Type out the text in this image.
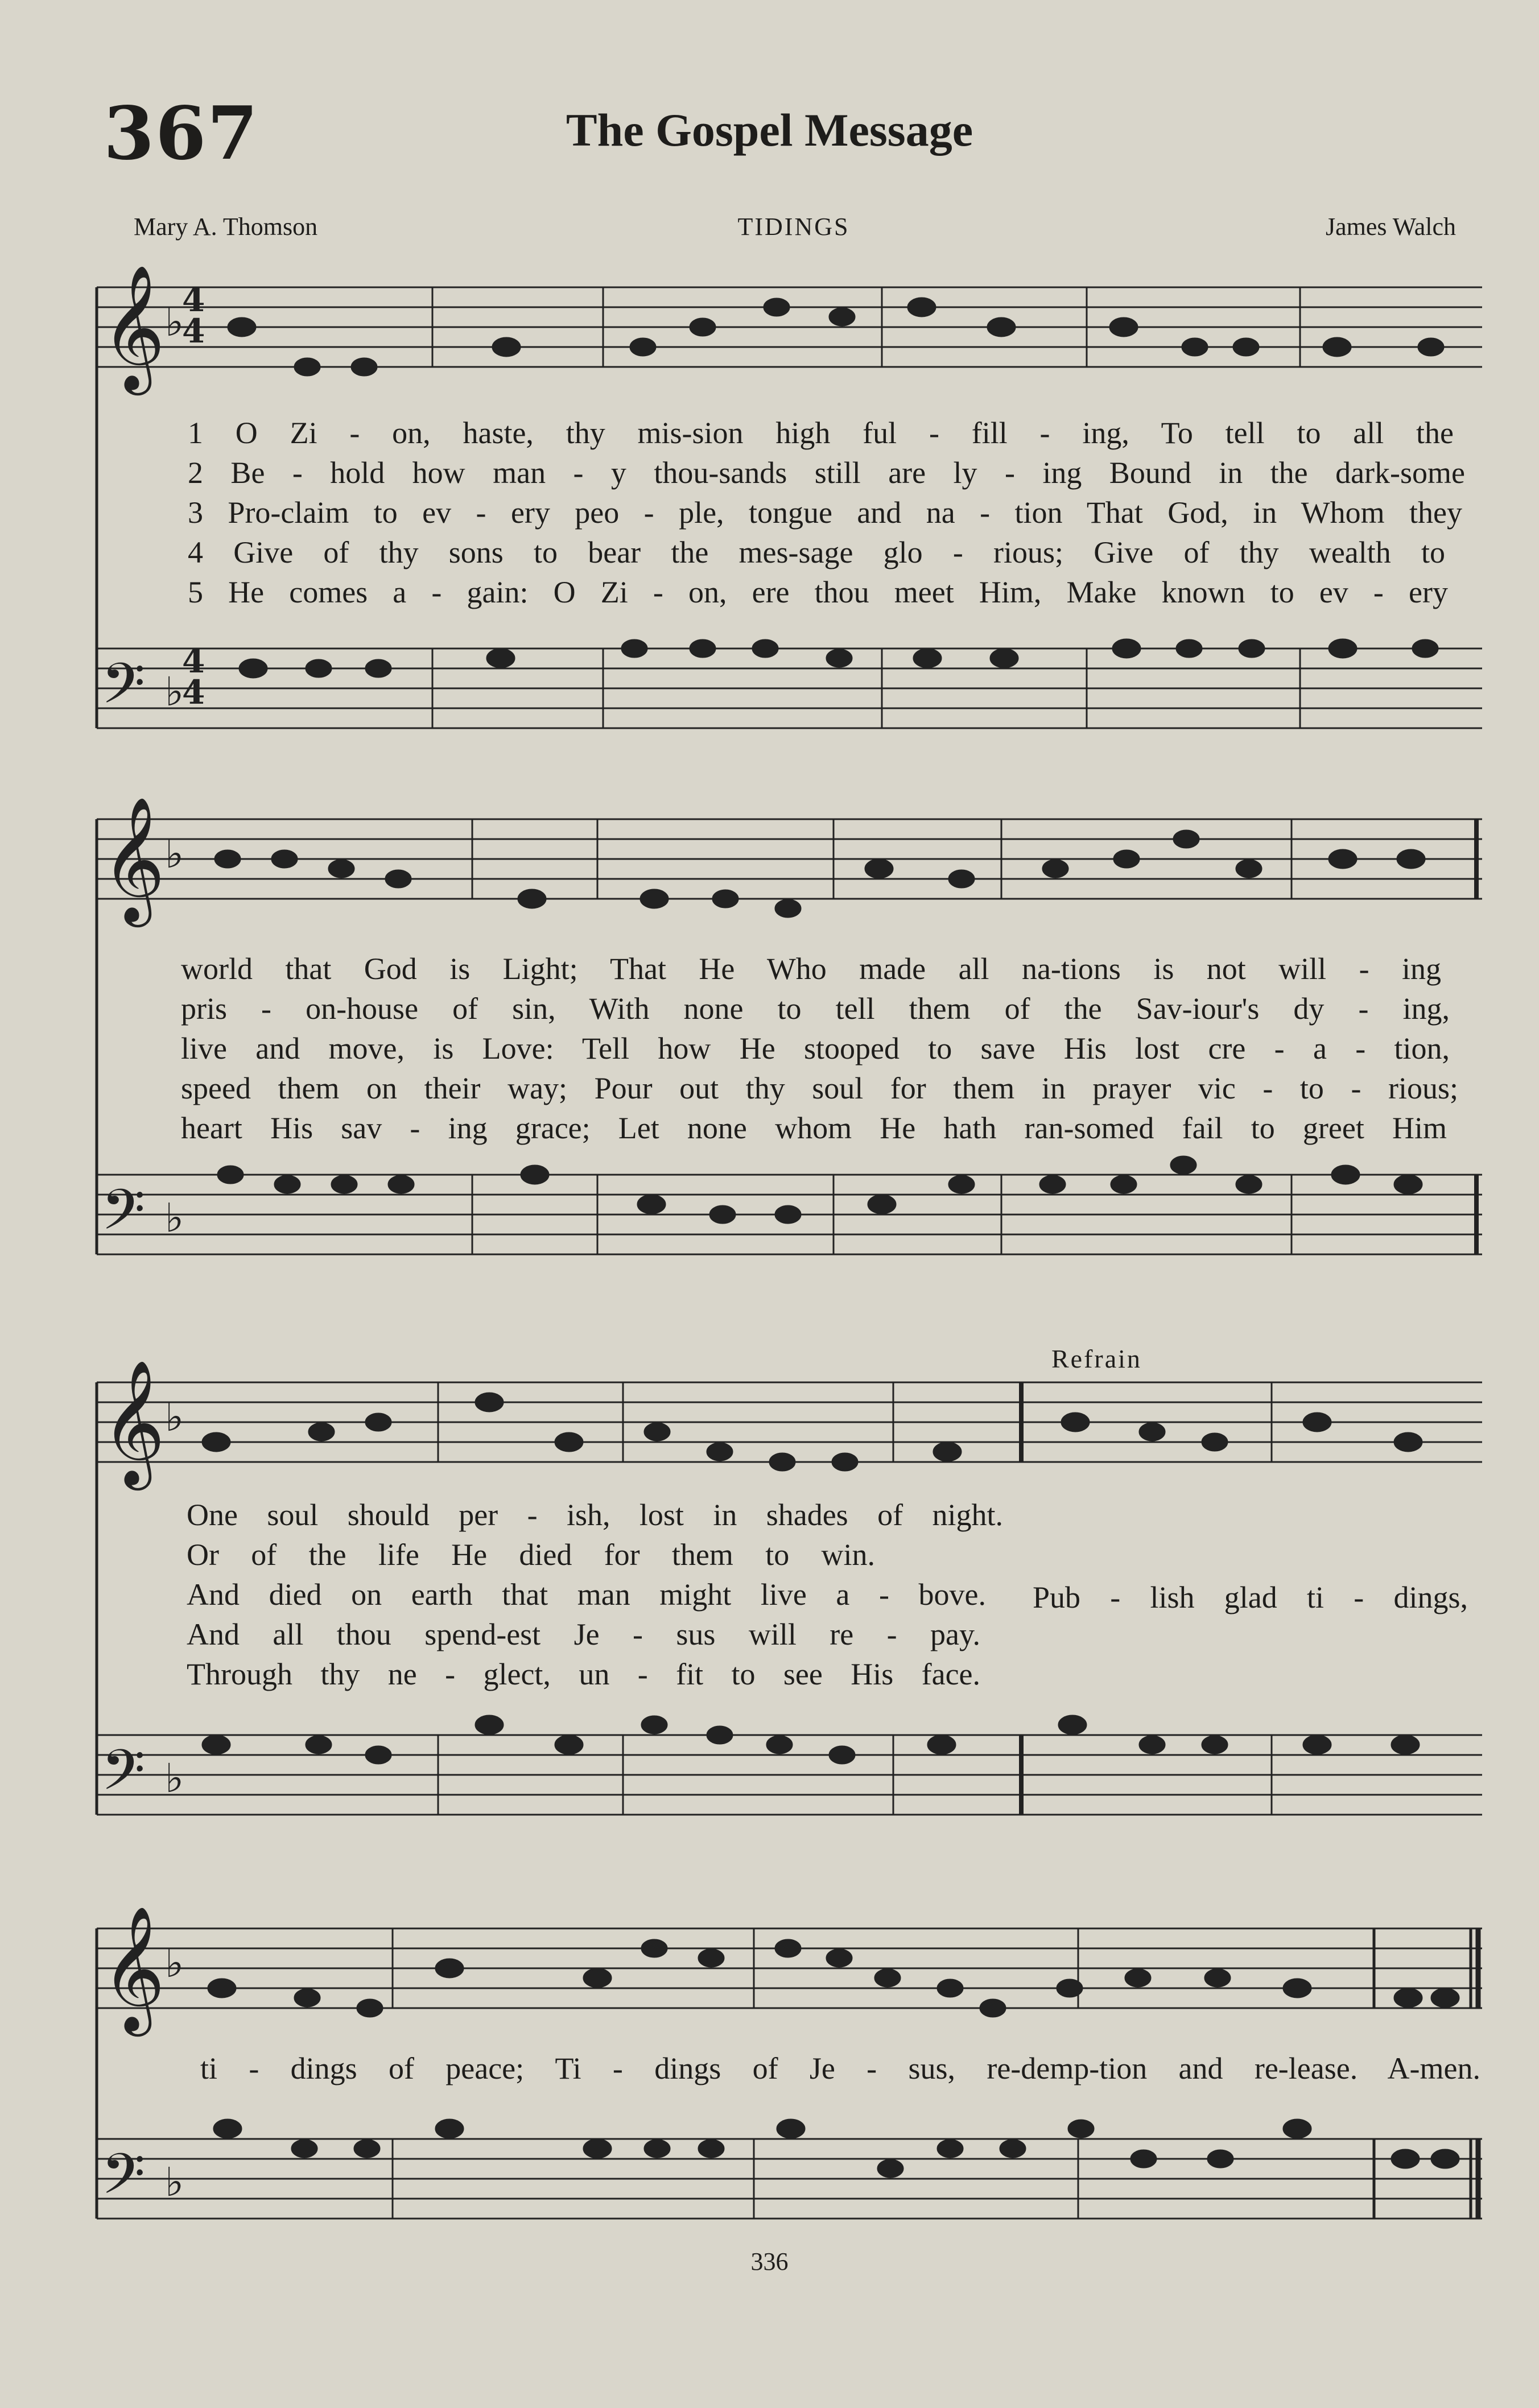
367	The Gospel Message
Mary A. Thomson	TIDINGS	James Walch
𝄞
𝄢
♭
4
4
♭
4
4
𝄞 ♭
𝄢 ♭
𝄞 ♭
𝄢 ♭
𝄞 ♭
𝄢 ♭
1 O Zi - on, haste, thy mis-sion high ful - fill - ing, To tell to all the
2 Be - hold how man - y thou-sands still are ly - ing Bound in the dark-some
3 Pro-claim to ev - ery peo - ple, tongue and na - tion That God, in Whom they
4 Give of thy sons to bear the mes-sage glo - rious; Give of thy wealth to
5 He comes a - gain: O Zi - on, ere thou meet Him, Make known to ev - ery
world that God is Light; That He Who made all na-tions is not will - ing
pris - on-house of sin, With none to tell them of the Sav-iour's dy - ing,
live and move, is Love: Tell how He stooped to save His lost cre - a - tion,
speed them on their way; Pour out thy soul for them in prayer vic - to - rious;
heart His sav - ing grace; Let none whom He hath ran-somed fail to greet Him
Refrain
One soul should per - ish, lost in shades of night.
Or of the life He died for them to win.
And died on earth that man might live a - bove. Pub - lish glad ti - dings,
And all thou spend-est Je - sus will re - pay.
Through thy ne - glect, un - fit to see His face.
ti - dings of peace; Ti - dings of Je - sus, re-demp-tion and re-lease. A-men.
336
